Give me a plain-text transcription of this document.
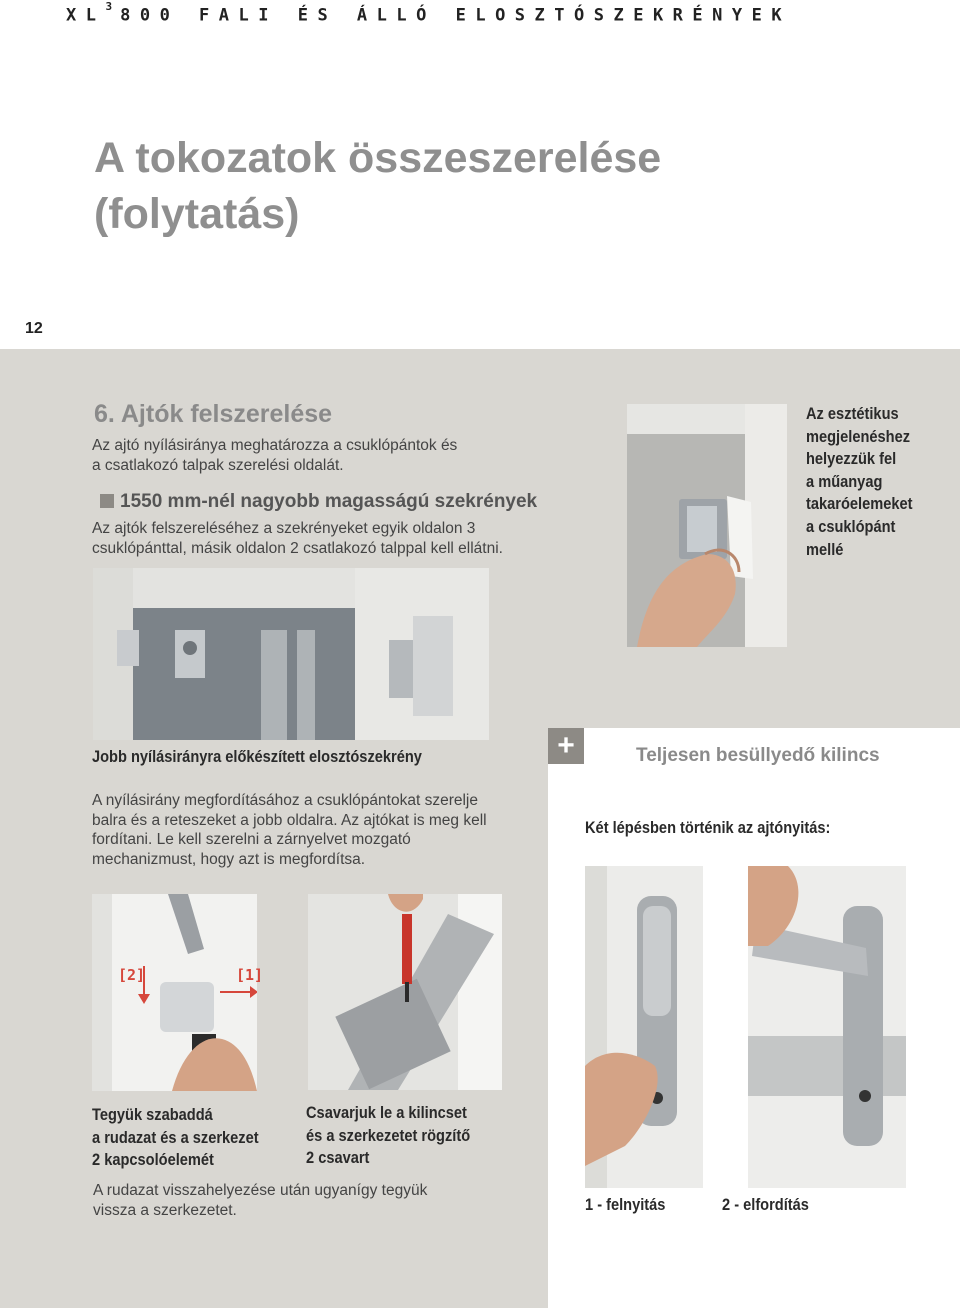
$XL^3$ 800 FALI ÉS ÁLLÓ ELOSZTÓSZEKRÉNYEK
A tokozatok összeszerelése
(folytatás)
12
6. Ajtók felszerelése
Az ajtó nyílásiránya meghatározza a csuklópántok és
a csatlakozó talpak szerelési oldalát.
1550 mm-nél nagyobb magasságú szekrények
Az ajtók felszereléséhez a szekrényeket egyik oldalon 3
csuklópánttal, másik oldalon 2 csatlakozó talppal kell ellátni.
Az esztétikus
megjelenéshez
helyezzük fel
a műanyag
takaróelemeket
a csuklópánt
mellé
Jobb nyílásirányra előkészített elosztószekrény
A nyílásirány megfordításához a csuklópántokat szerelje
balra és a reteszeket a jobb oldalra. Az ajtókat is meg kell
fordítani. Le kell szerelni a zárnyelvet mozgató
mechanizmust, hogy azt is megfordítsa.
[2]	[1]
Tegyük szabaddá
a rudazat és a szerkezet
2 kapcsolóelemét
Csavarjuk le a kilincset
és a szerkezetet rögzítő
2 csavart
A rudazat visszahelyezése után ugyanígy tegyük
vissza a szerkezetet.
+	Teljesen besüllyedő kilincs
Két lépésben történik az ajtónyitás:
1 - felnyitás	2 - elfordítás
